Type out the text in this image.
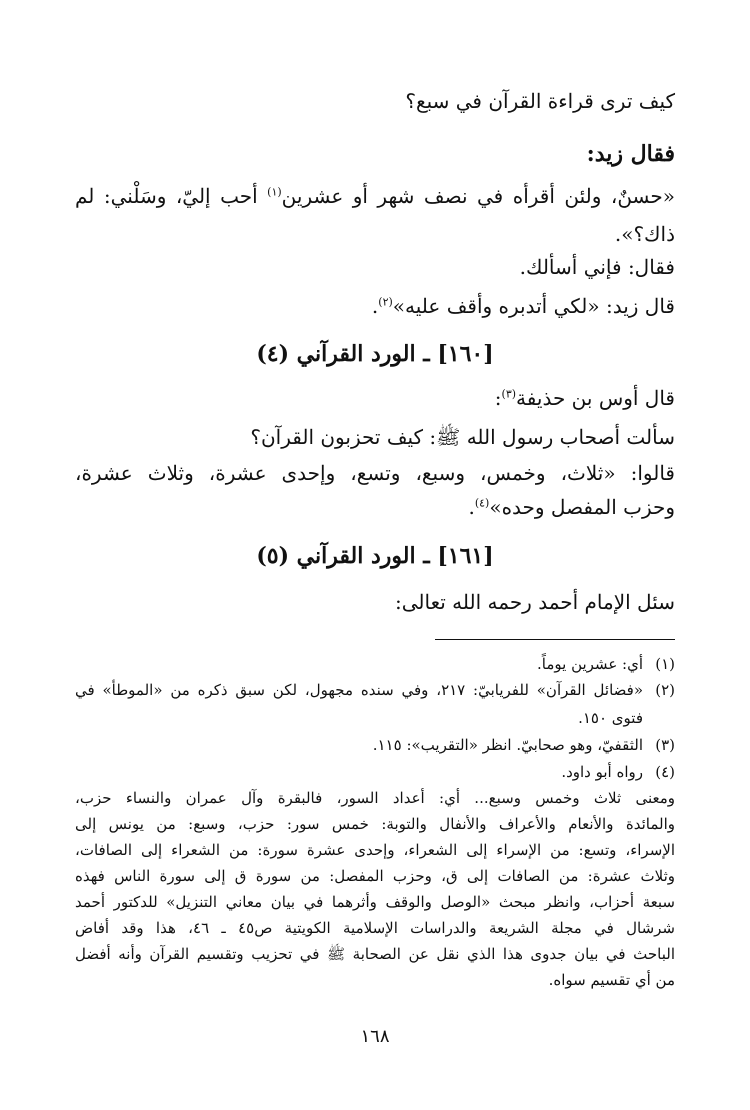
كيف ترى قراءة القرآن في سبع؟
فقال زيد:
«حسنٌ، ولئن أقرأه في نصف شهر أو عشرين$^{(١)}$ أحب إليّ، وسَلْني: لم
ذاك؟».
فقال: فإني أسألك.
قال زيد: «لكي أتدبره وأقف عليه»$^{(٢)}$.
[١٦٠] ـ الورد القرآني (٤)
قال أوس بن حذيفة$^{(٣)}$:
سألت أصحاب رسول الله ﷺ: كيف تحزبون القرآن؟
قالوا: «ثلاث، وخمس، وسبع، وتسع، وإحدى عشرة، وثلاث عشرة،
وحزب المفصل وحده»$^{(٤)}$.
[١٦١] ـ الورد القرآني (٥)
سئل الإمام أحمد رحمه الله تعالى:
(١)أي: عشرين يوماً.
(٢)«فضائل القرآن» للفريابيّ: ٢١٧، وفي سنده مجهول، لكن سبق ذكره من «الموطأ» في
فتوى ١٥٠.
(٣)الثقفيّ، وهو صحابيّ. انظر «التقريب»: ١١٥.
(٤)رواه أبو داود.
ومعنى ثلاث وخمس وسبع... أي: أعداد السور، فالبقرة وآل عمران والنساء حزب،
والمائدة والأنعام والأعراف والأنفال والتوبة: خمس سور: حزب، وسبع: من يونس إلى
الإسراء، وتسع: من الإسراء إلى الشعراء، وإحدى عشرة سورة: من الشعراء إلى الصافات،
وثلاث عشرة: من الصافات إلى ق، وحزب المفصل: من سورة ق إلى سورة الناس فهذه
سبعة أحزاب، وانظر مبحث «الوصل والوقف وأثرهما في بيان معاني التنزيل» للدكتور أحمد
شرشال في مجلة الشريعة والدراسات الإسلامية الكويتية ص٤٥ ـ ٤٦، هذا وقد أفاض
الباحث في بيان جدوى هذا الذي نقل عن الصحابة ﷺ في تحزيب وتقسيم القرآن وأنه أفضل
من أي تقسيم سواه.
١٦٨
